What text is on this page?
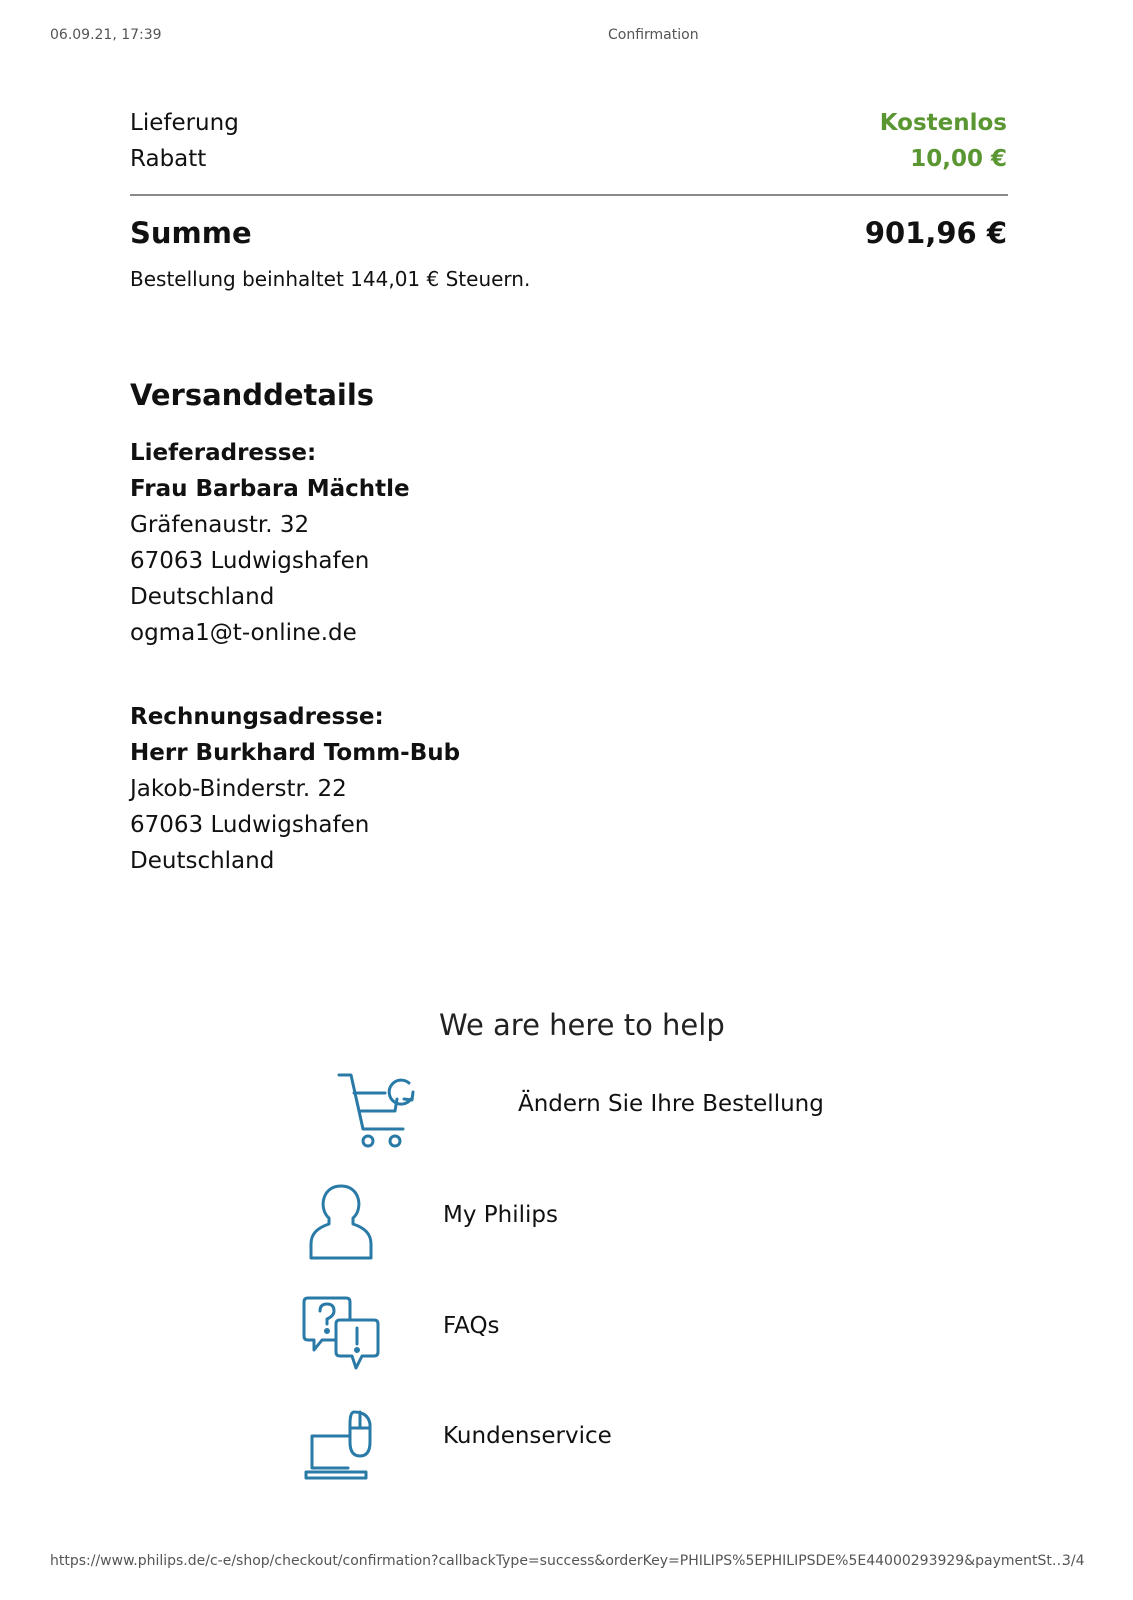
06.09.21, 17:39	Confirmation
Lieferung	Kostenlos
Rabatt	10,00 €
Summe	901,96 €
Bestellung beinhaltet 144,01 € Steuern.
Versanddetails
Lieferadresse:
Frau Barbara Mächtle
Gräfenaustr. 32
67063 Ludwigshafen
Deutschland
ogma1@t-online.de
Rechnungsadresse:
Herr Burkhard Tomm-Bub
Jakob-Binderstr. 22
67063 Ludwigshafen
Deutschland
We are here to help
Ändern Sie Ihre Bestellung
My Philips
FAQs
Kundenservice
https://www.philips.de/c-e/shop/checkout/confirmation?callbackType=success&orderKey=PHILIPS%5EPHILIPSDE%5E44000293929&paymentSt…
3/4
